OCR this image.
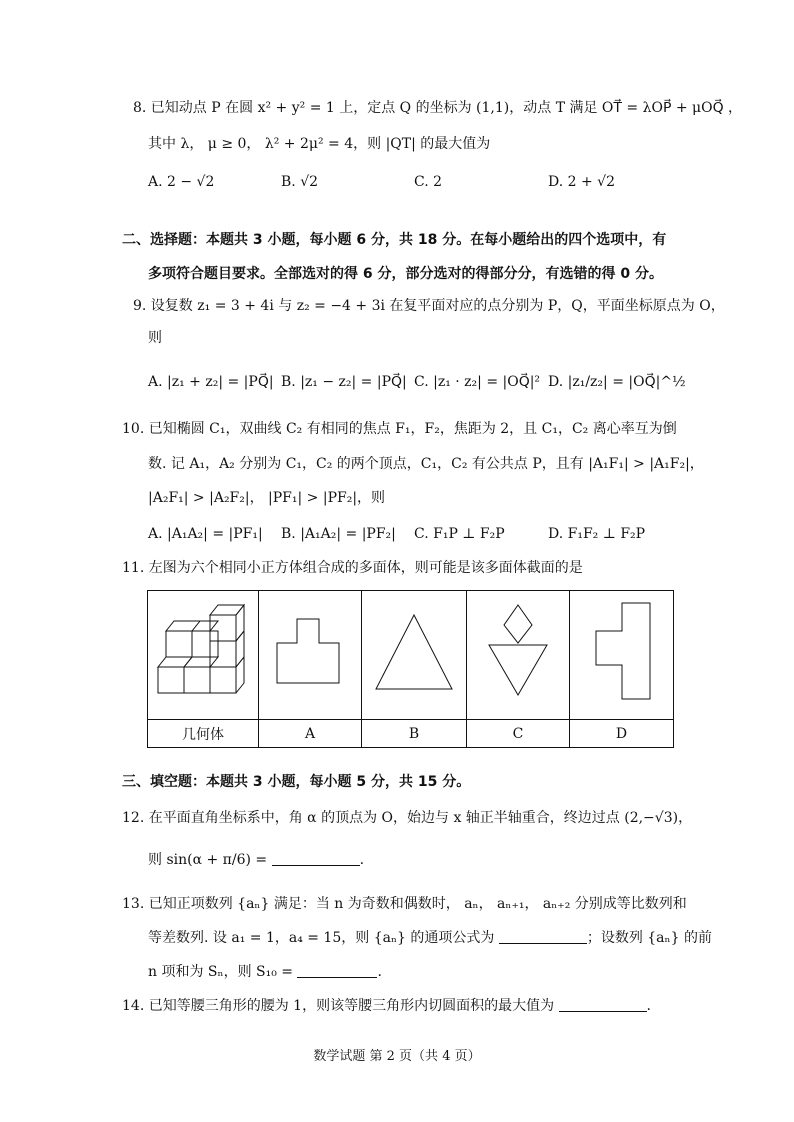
8. 已知动点 P 在圆 x² + y² = 1 上，定点 Q 的坐标为 (1,1)，动点 T 满足 OT⃗ = λOP⃗ + μOQ⃗ ，
其中 λ， μ ≥ 0， λ² + 2μ² = 4，则 |QT| 的最大值为
A. 2 − √2	B. √2	C. 2	D. 2 + √2
二、选择题：本题共 3 小题，每小题 6 分，共 18 分。在每小题给出的四个选项中，有
多项符合题目要求。全部选对的得 6 分，部分选对的得部分分，有选错的得 0 分。
9. 设复数 z₁ = 3 + 4i 与 z₂ = −4 + 3i 在复平面对应的点分别为 P，Q，平面坐标原点为 O，
则
A. |z₁ + z₂| = |PQ⃗| B. |z₁ − z₂| = |PQ⃗| C. |z₁ · z₂| = |OQ⃗|² D. |z₁/z₂| = |OQ⃗|^½
10. 已知椭圆 C₁，双曲线 C₂ 有相同的焦点 F₁，F₂，焦距为 2，且 C₁，C₂ 离心率互为倒
数. 记 A₁，A₂ 分别为 C₁，C₂ 的两个顶点，C₁，C₂ 有公共点 P，且有 |A₁F₁| > |A₁F₂|，
|A₂F₁| > |A₂F₂|， |PF₁| > |PF₂|，则
A. |A₁A₂| = |PF₁| B. |A₁A₂| = |PF₂| C. F₁P ⊥ F₂P	D. F₁F₂ ⊥ F₂P
11. 左图为六个相同小正方体组合成的多面体，则可能是该多面体截面的是

几何体	A	B	C	D
三、填空题：本题共 3 小题，每小题 5 分，共 15 分。
12. 在平面直角坐标系中，角 α 的顶点为 O，始边与 x 轴正半轴重合，终边过点 (2,−√3)，
则 sin(α + π/6) =	.
13. 已知正项数列 {aₙ} 满足：当 n 为奇数和偶数时， aₙ， aₙ₊₁， aₙ₊₂ 分别成等比数列和
等差数列. 设 a₁ = 1，a₄ = 15，则 {aₙ} 的通项公式为	；设数列 {aₙ} 的前
n 项和为 Sₙ，则 S₁₀ =	.
14. 已知等腰三角形的腰为 1，则该等腰三角形内切圆面积的最大值为	.
数学试题 第 2 页（共 4 页）
